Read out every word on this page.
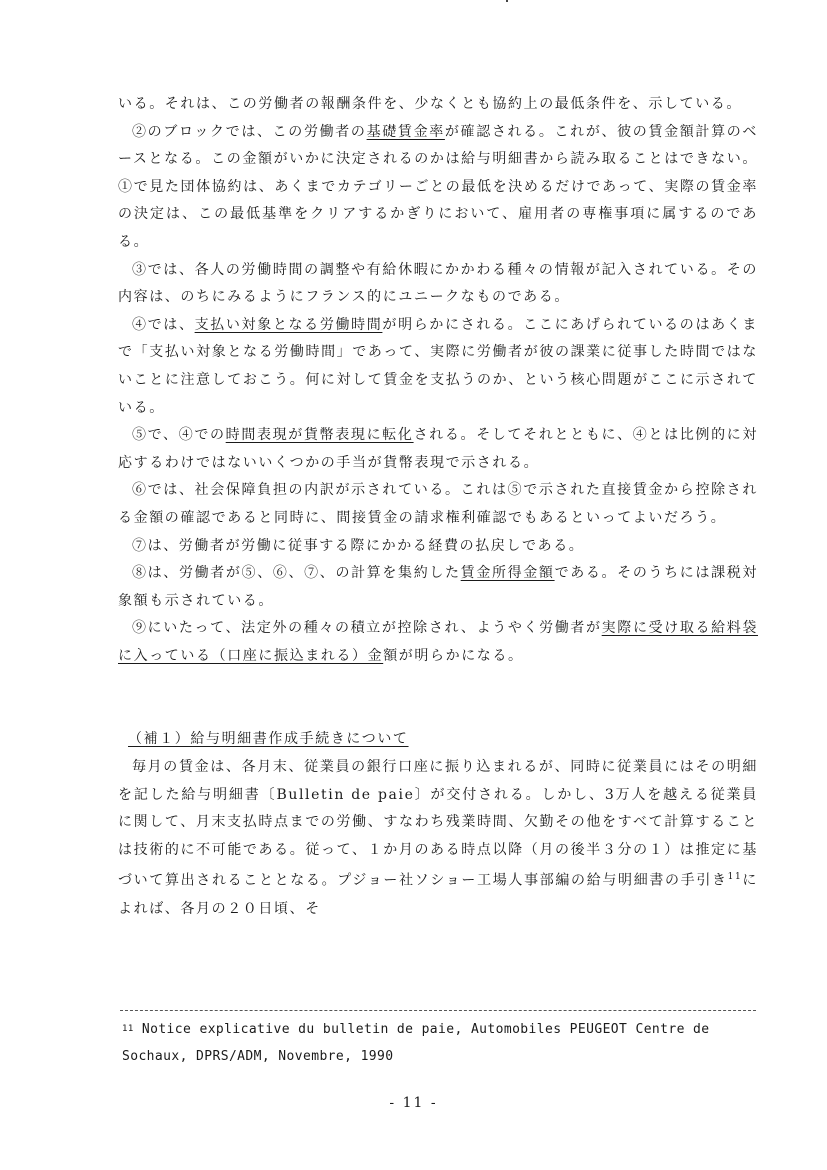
いる。それは、この労働者の報酬条件を、少なくとも協約上の最低条件を、示している。

②のブロックでは、この労働者の基礎賃金率が確認される。これが、彼の賃金額計算のベースとなる。この金額がいかに決定されるのかは給与明細書から読み取ることはできない。①で見た団体協約は、あくまでカテゴリーごとの最低を決めるだけであって、実際の賃金率の決定は、この最低基準をクリアするかぎりにおいて、雇用者の専権事項に属するのである。

③では、各人の労働時間の調整や有給休暇にかかわる種々の情報が記入されている。その内容は、のちにみるようにフランス的にユニークなものである。

④では、支払い対象となる労働時間が明らかにされる。ここにあげられているのはあくまで「支払い対象となる労働時間」であって、実際に労働者が彼の課業に従事した時間ではないことに注意しておこう。何に対して賃金を支払うのか、という核心問題がここに示されている。

⑤で、④での時間表現が貨幣表現に転化される。そしてそれとともに、④とは比例的に対応するわけではないいくつかの手当が貨幣表現で示される。

⑥では、社会保障負担の内訳が示されている。これは⑤で示された直接賃金から控除される金額の確認であると同時に、間接賃金の請求権利確認でもあるといってよいだろう。

⑦は、労働者が労働に従事する際にかかる経費の払戻しである。

⑧は、労働者が⑤、⑥、⑦、の計算を集約した賃金所得金額である。そのうちには課税対象額も示されている。

⑨にいたって、法定外の種々の積立が控除され、ようやく労働者が実際に受け取る給料袋に入っている（口座に振込まれる）金額が明らかになる。

（補１）給与明細書作成手続きについて

毎月の賃金は、各月末、従業員の銀行口座に振り込まれるが、同時に従業員にはその明細を記した給与明細書〔Bulletin de paie〕が交付される。しかし、3万人を越える従業員に関して、月末支払時点までの労働、すなわち残業時間、欠勤その他をすべて計算することは技術的に不可能である。従って、１か月のある時点以降（月の後半３分の１）は推定に基づいて算出されることとなる。プジョー社ソショー工場人事部編の給与明細書の手引き$^{11}$によれば、各月の２０日頃、そ

$^{11}$ Notice explicative du bulletin de paie, Automobiles PEUGEOT Centre de

Sochaux, DPRS/ADM, Novembre, 1990

- 11 -
